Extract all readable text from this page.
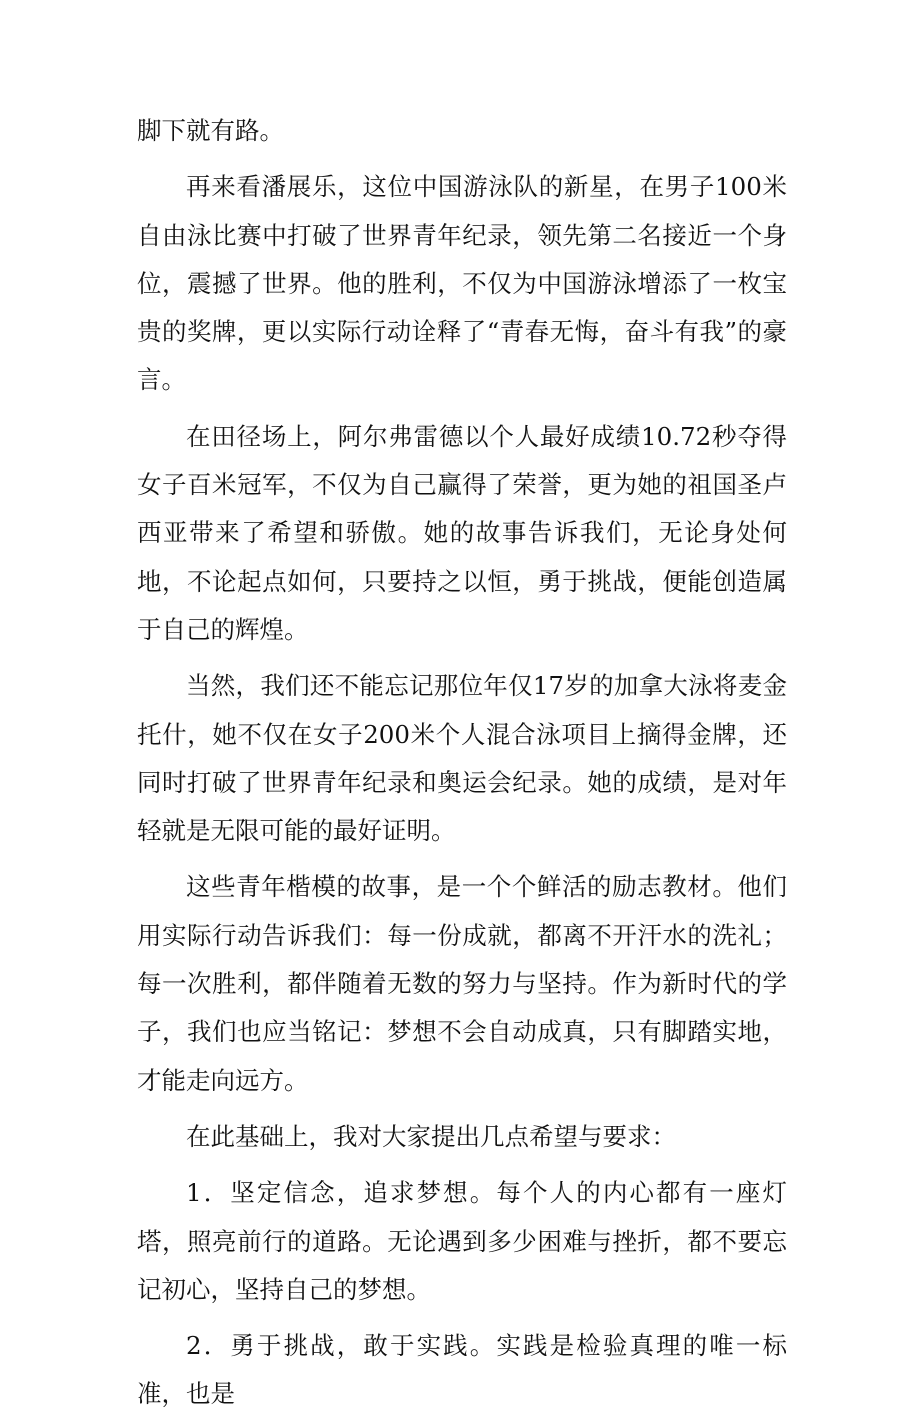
脚下就有路。

再来看潘展乐，这位中国游泳队的新星，在男子100米自由泳比赛中打破了世界青年纪录，领先第二名接近一个身位，震撼了世界。他的胜利，不仅为中国游泳增添了一枚宝贵的奖牌，更以实际行动诠释了“青春无悔，奋斗有我”的豪言。

在田径场上，阿尔弗雷德以个人最好成绩10.72秒夺得女子百米冠军，不仅为自己赢得了荣誉，更为她的祖国圣卢西亚带来了希望和骄傲。她的故事告诉我们，无论身处何地，不论起点如何，只要持之以恒，勇于挑战，便能创造属于自己的辉煌。

当然，我们还不能忘记那位年仅17岁的加拿大泳将麦金托什，她不仅在女子200米个人混合泳项目上摘得金牌，还同时打破了世界青年纪录和奥运会纪录。她的成绩，是对年轻就是无限可能的最好证明。

这些青年楷模的故事，是一个个鲜活的励志教材。他们用实际行动告诉我们：每一份成就，都离不开汗水的洗礼；每一次胜利，都伴随着无数的努力与坚持。作为新时代的学子，我们也应当铭记：梦想不会自动成真，只有脚踏实地，才能走向远方。

在此基础上，我对大家提出几点希望与要求：

1．坚定信念，追求梦想。每个人的内心都有一座灯塔，照亮前行的道路。无论遇到多少困难与挫折，都不要忘记初心，坚持自己的梦想。

2．勇于挑战，敢于实践。实践是检验真理的唯一标准，也是
